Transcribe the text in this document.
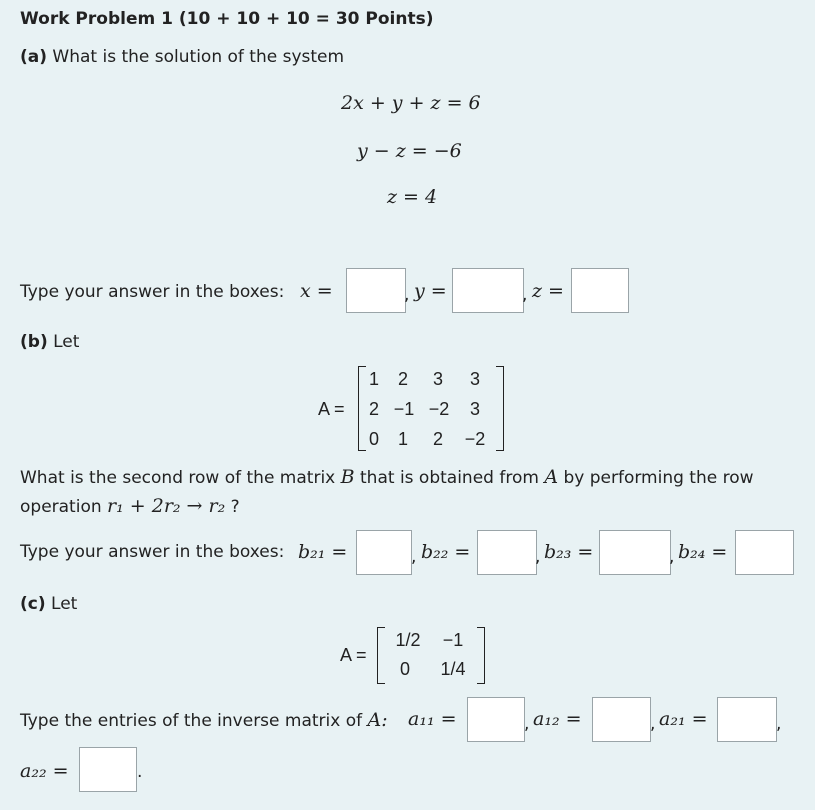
Work Problem 1 (10 + 10 + 10 = 30 Points)
(a) What is the solution of the system
2x + y + z = 6
y − z = −6
z = 4
Type your answer in the boxes: x =	, y =	, z =
(b) Let
A =
1	2	3	3
2 −1 −2	3
0	1	2	−2
What is the second row of the matrix B that is obtained from A by performing the row
operation r₁ + 2r₂ → r₂ ?
Type your answer in the boxes: b₂₁ =	, b₂₂ =	, b₂₃ =	, b₂₄ =
(c) Let
A =
1/2	−1
0	1/4
Type the entries of the inverse matrix of A: a₁₁ =	, a₁₂ =	, a₂₁ =	,
a₂₂ =	.
